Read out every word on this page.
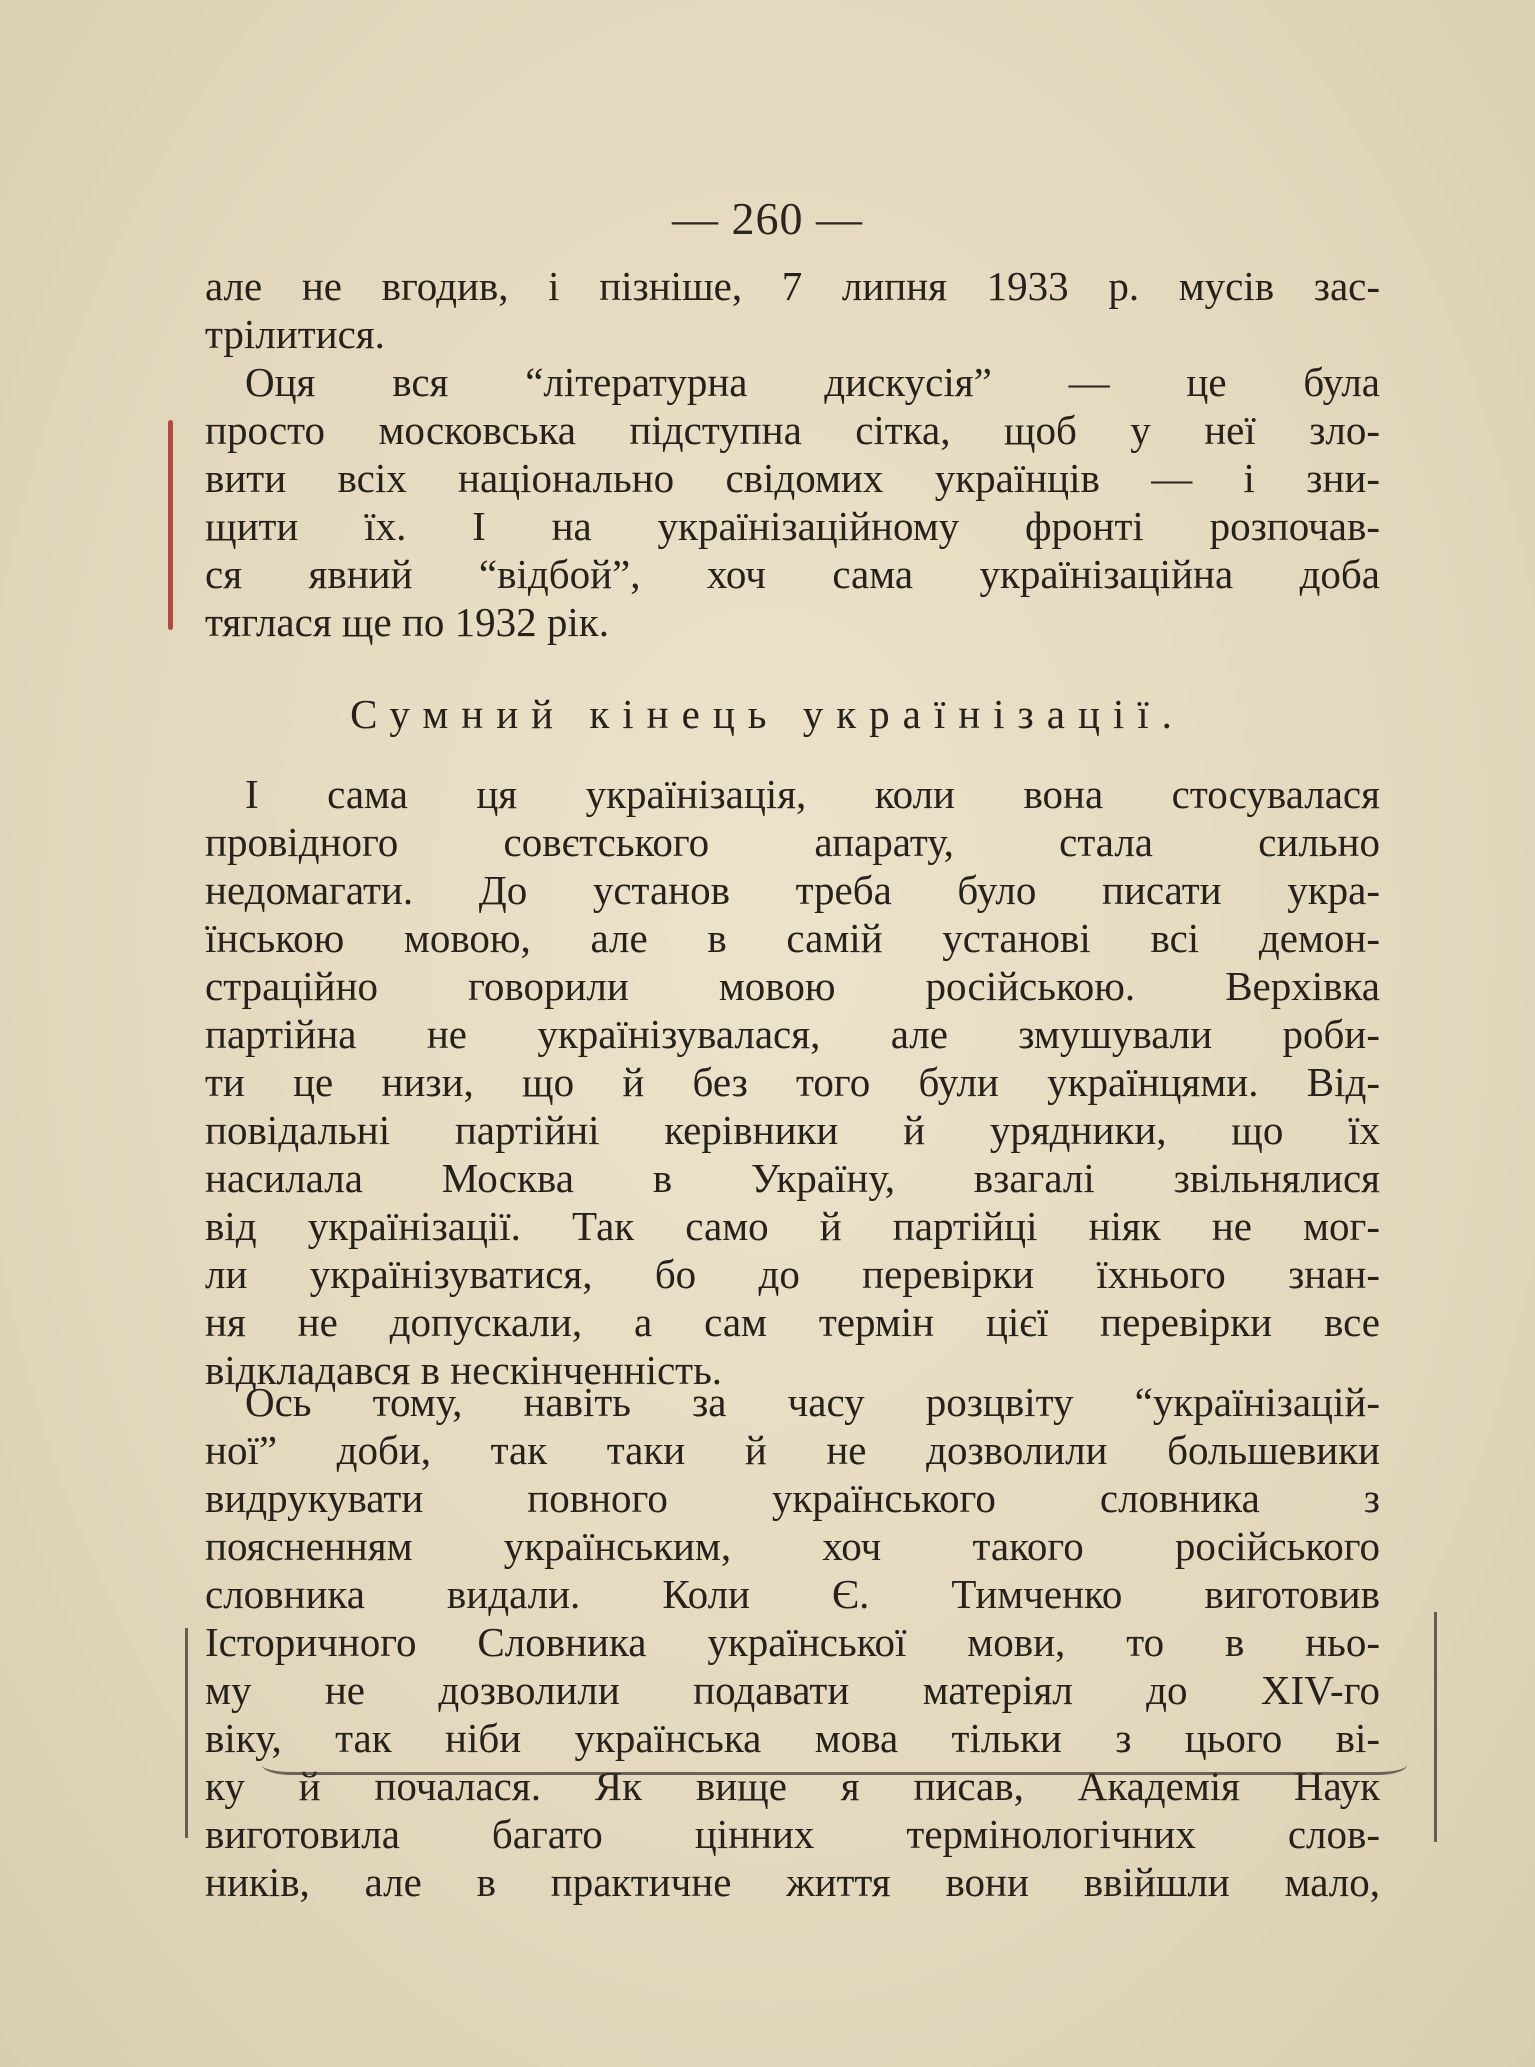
— 260 —
але не вгодив, і пізніше, 7 липня 1933 р. мусів зас-
трілитися.
Оця вся “літературна дискусія” — це була
просто московська підступна сітка, щоб у неї зло-
вити всіх національно свідомих українців — і зни-
щити їх. І на українізаційному фронті розпочав-
ся явний “відбой”, хоч сама українізаційна доба
тяглася ще по 1932 рік.
Сумний кінець українізації.
І сама ця українізація, коли вона стосувалася
провідного совєтського апарату, стала сильно
недомагати. До установ треба було писати укра-
їнською мовою, але в самій установі всі демон-
страційно говорили мовою російською. Верхівка
партійна не українізувалася, але змушували роби-
ти це низи, що й без того були українцями. Від-
повідальні партійні керівники й урядники, що їх
насилала Москва в Україну, взагалі звільнялися
від українізації. Так само й партійці ніяк не мог-
ли українізуватися, бо до перевірки їхнього знан-
ня не допускали, а сам термін цієї перевірки все
відкладався в нескінченність.
Ось тому, навіть за часу розцвіту “українізацій-
ної” доби, так таки й не дозволили большевики
видрукувати повного українського словника з
поясненням українським, хоч такого російського
словника видали. Коли Є. Тимченко виготовив
Історичного Словника української мови, то в ньо-
му не дозволили подавати матеріял до XIV-го
віку, так ніби українська мова тільки з цього ві-
ку й почалася. Як вище я писав, Академія Наук
виготовила багато цінних термінологічних слов-
ників, але в практичне життя вони ввійшли мало,
